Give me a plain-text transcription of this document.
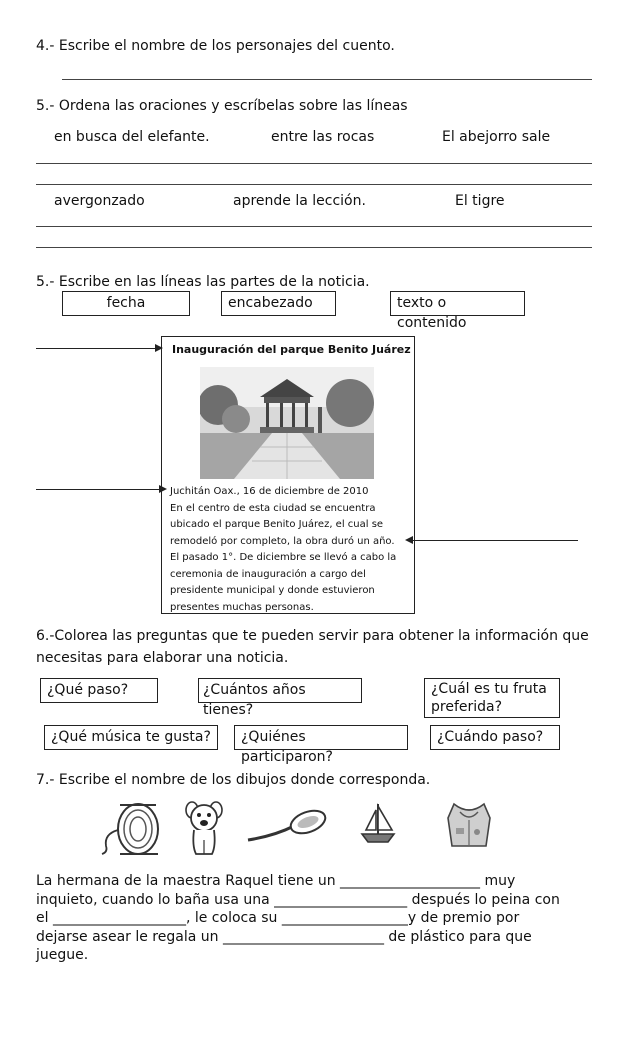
4.- Escribe el nombre de los personajes del cuento.
5.- Ordena las oraciones y escríbelas sobre las líneas
en busca del elefante.	entre las rocas	El abejorro sale
avergonzado	aprende la lección.	El tigre
5.- Escribe en las líneas las partes de la noticia.
fecha	encabezado	texto o contenido
Inauguración del parque Benito Juárez
Juchitán Oax., 16 de diciembre de 2010
En el centro de esta ciudad se encuentra
ubicado el parque Benito Juárez, el cual se
remodeló por completo, la obra duró un año.
El pasado 1°. De diciembre se llevó a cabo la
ceremonia de inauguración a cargo del
presidente municipal y donde estuvieron
presentes muchas personas.
6.-Colorea las preguntas que te pueden servir para obtener la información que
necesitas para elaborar una noticia.
¿Qué paso?	¿Cuántos años tienes?
¿Cuál es tu fruta
preferida?
¿Qué música te gusta?	¿Quiénes participaron?
¿Cuándo paso?
7.- Escribe el nombre de los dibujos donde corresponda.
La hermana de la maestra Raquel tiene un ____________________ muy
inquieto, cuando lo baña usa una ___________________ después lo peina con
el ___________________, le coloca su __________________y de premio por
dejarse asear le regala un _______________________ de plástico para que
juegue.
